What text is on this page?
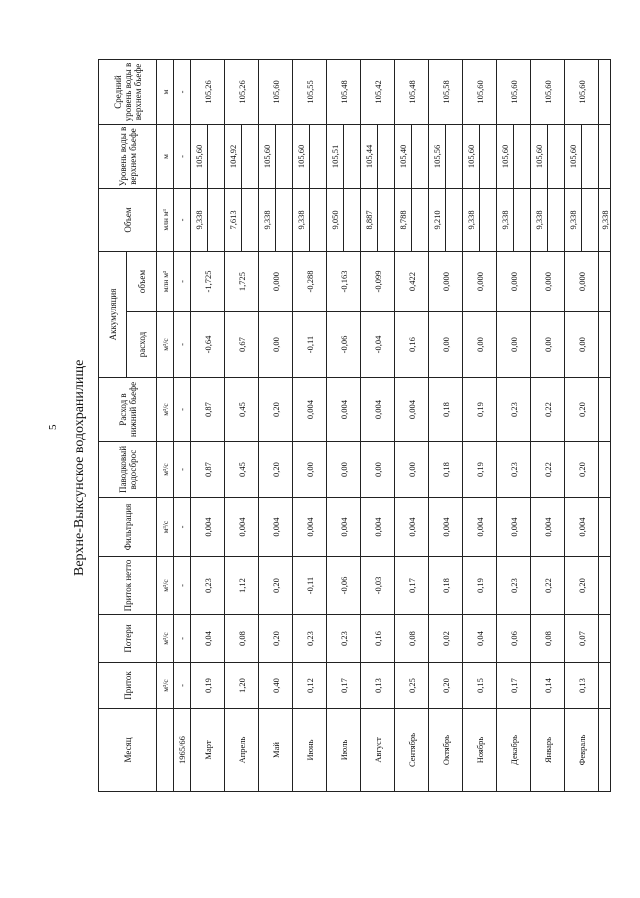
5 Верхне-Выксунское водохранилище
Месяц	Приток	Потери	Приток нетто	Фильтрация	Паводковый водосброс	Расход в нижний бьефе	Аккумуляция		Объем	Уровень воды в верхнем бьефе	Средний уровень воды в верхнем бьефе
							расход	объем			
	м³/с	м³/с	м³/с	м³/с	м³/с	м³/с	м³/с	млн м³	млн м³	м	м
1965/66	-	-	-	-	-	-	-	-	-	-	-
Март	0,19	0,04	0,23	0,004	0,87	0,87	-0,64	-1,725	9,338	105,60	105,26

Апрель	1,20	0,08	1,12	0,004	0,45	0,45	0,67	1,725	7,613	104,92	105,26

Май	0,40	0,20	0,20	0,004	0,20	0,20	0,00	0,000	9,338	105,60	105,60

Июнь	0,12	0,23	-0,11	0,004	0,00	0,004	-0,11	-0,288	9,338	105,60	105,55

Июль	0,17	0,23	-0,06	0,004	0,00	0,004	-0,06	-0,163	9,050	105,51	105,48

Август	0,13	0,16	-0,03	0,004	0,00	0,004	-0,04	-0,099	8,887	105,44	105,42

Сентябрь	0,25	0,08	0,17	0,004	0,00	0,004	0,16	0,422	8,788	105,40	105,48

Октябрь	0,20	0,02	0,18	0,004	0,18	0,18	0,00	0,000	9,210	105,56	105,58

Ноябрь	0,15	0,04	0,19	0,004	0,19	0,19	0,00	0,000	9,338	105,60	105,60

Декабрь	0,17	0,06	0,23	0,004	0,23	0,23	0,00	0,000	9,338	105,60	105,60

Январь	0,14	0,08	0,22	0,004	0,22	0,22	0,00	0,000	9,338	105,60	105,60

Февраль	0,13	0,07	0,20	0,004	0,20	0,20	0,00	0,000	9,338	105,60	105,60

									9,338		
